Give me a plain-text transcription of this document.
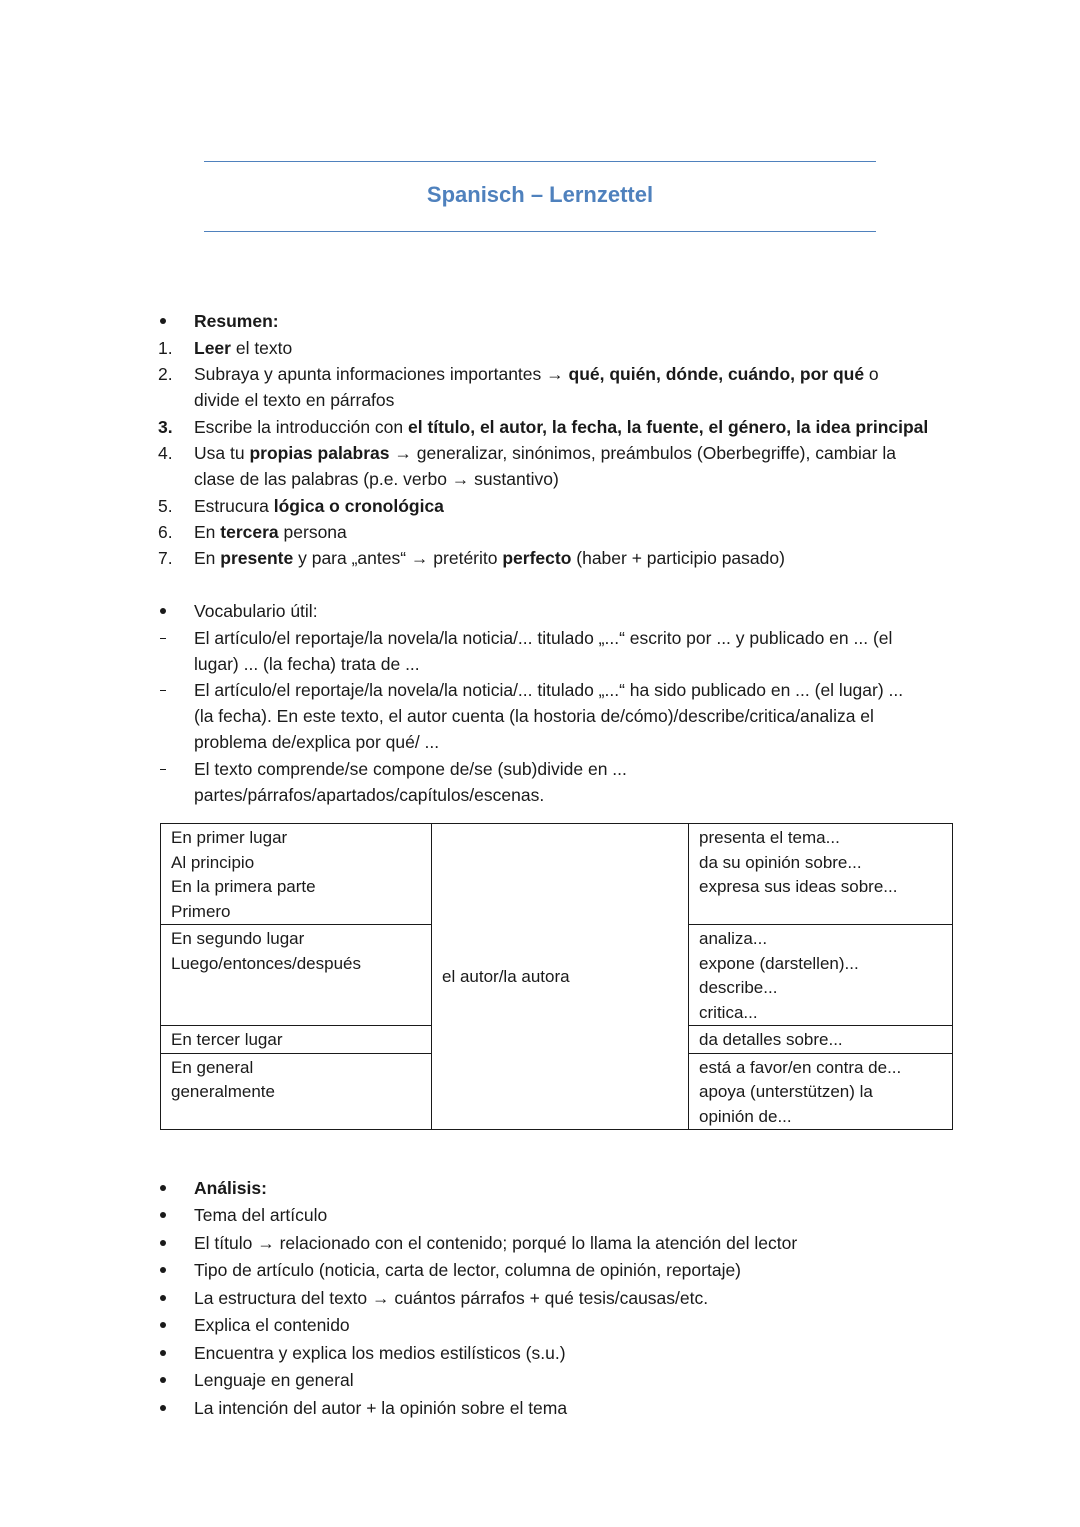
Spanisch – Lernzettel
Resumen:
1.	Leer el texto
2.	Subraya y apunta informaciones importantes → qué, quién, dónde, cuándo, por qué o
divide el texto en párrafos
3.	Escribe la introducción con el título, el autor, la fecha, la fuente, el género, la idea principal
4.	Usa tu propias palabras → generalizar, sinónimos, preámbulos (Oberbegriffe), cambiar la
clase de las palabras (p.e. verbo → sustantivo)
5.	Estrucura lógica o cronológica
6.	En tercera persona
7.	En presente y para „antes“ → pretérito perfecto (haber + participio pasado)
Vocabulario útil:
El artículo/el reportaje/la novela/la noticia/... titulado „...“ escrito por ... y publicado en ... (el
lugar) ... (la fecha) trata de ...
El artículo/el reportaje/la novela/la noticia/... titulado „...“ ha sido publicado en ... (el lugar) ...
(la fecha). En este texto, el autor cuenta (la hostoria de/cómo)/describe/critica/analiza el
problema de/explica por qué/ ...
El texto comprende/se compone de/se (sub)divide en ...
partes/párrafos/apartados/capítulos/escenas.
En primer lugar
Al principio
En la primera parte
Primero	el autor/la autora	presenta el tema...
da su opinión sobre...
expresa sus ideas sobre...

En segundo lugar
Luego/entonces/después		analiza...
expone (darstellen)...
describe...
critica...

En tercer lugar		da detalles sobre...

En general
generalmente		está a favor/en contra de...
apoya (unterstützen) la
opinión de...
Análisis:
Tema del artículo
El título → relacionado con el contenido; porqué lo llama la atención del lector
Tipo de artículo (noticia, carta de lector, columna de opinión, reportaje)
La estructura del texto → cuántos párrafos + qué tesis/causas/etc.
Explica el contenido
Encuentra y explica los medios estilísticos (s.u.)
Lenguaje en general
La intención del autor + la opinión sobre el tema
